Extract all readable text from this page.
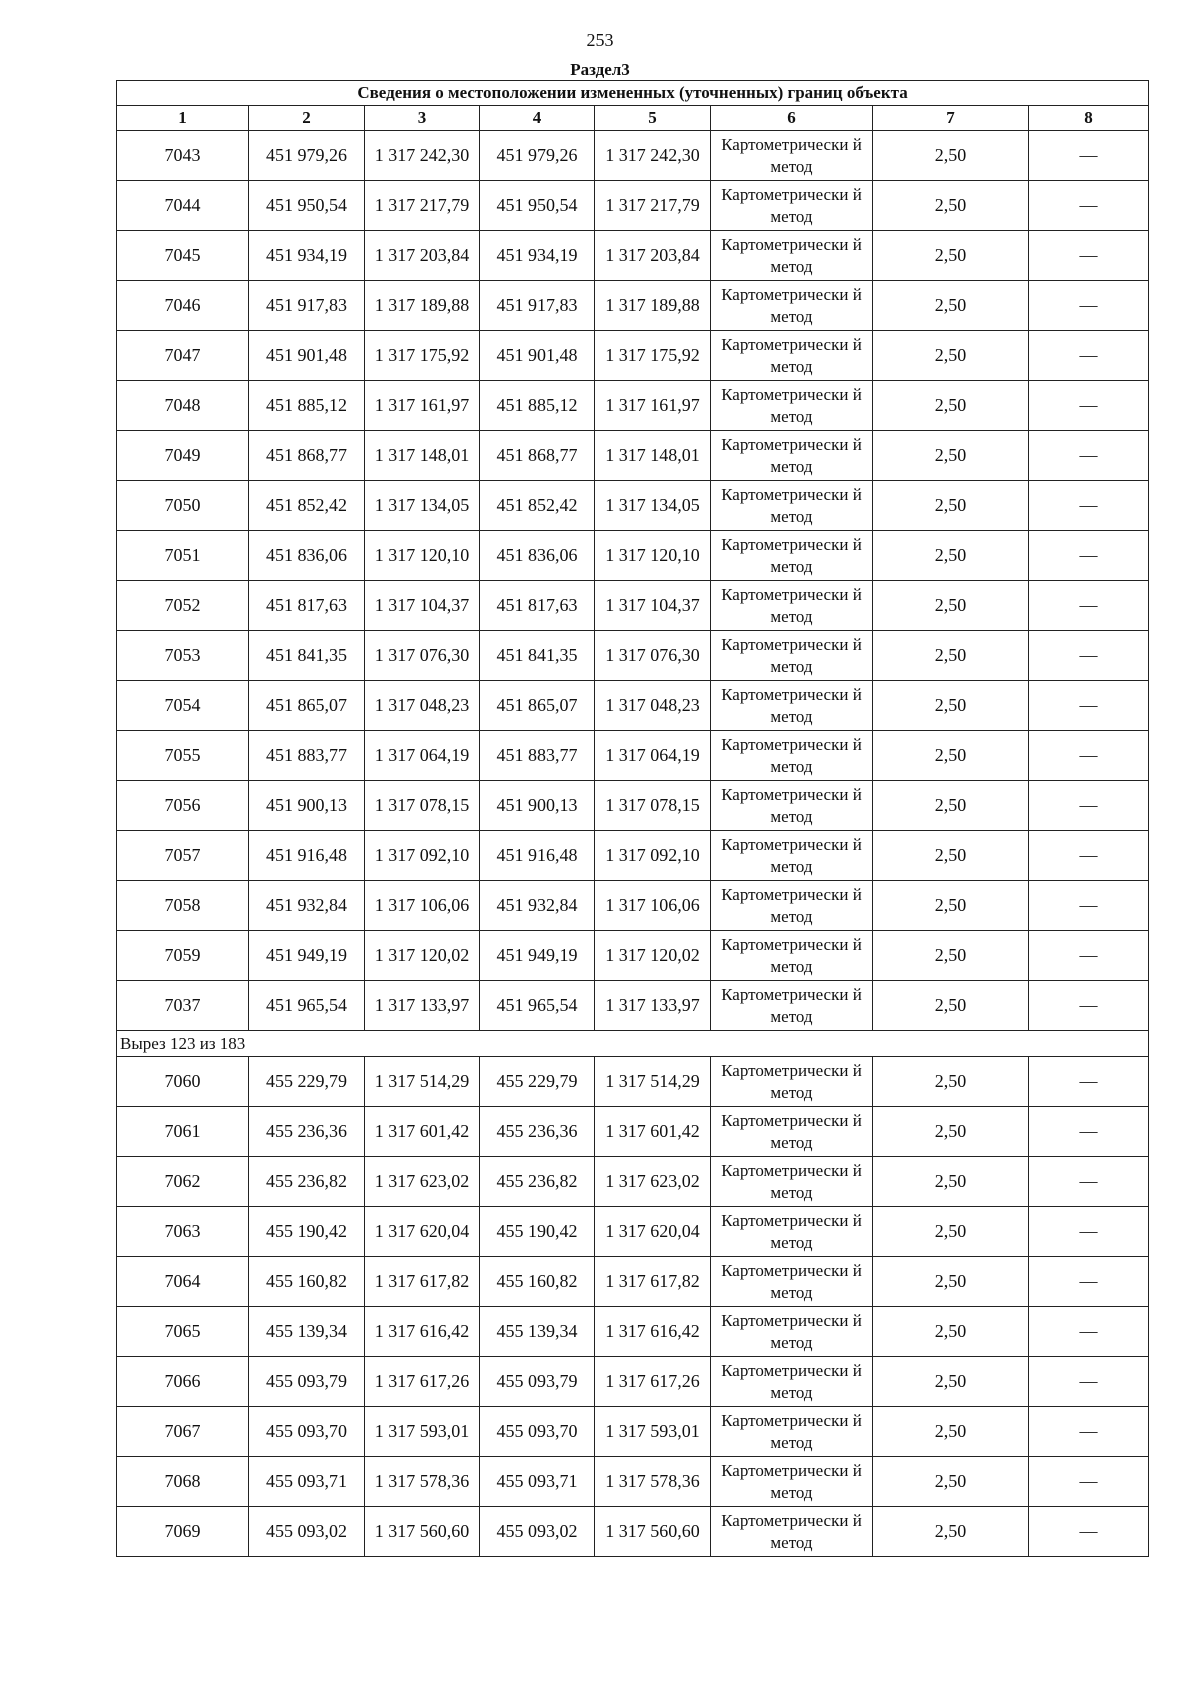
253
Раздел3
Сведения о местоположении измененных (уточненных) границ объекта							
1	2	3	4	5	6	7	8
7043	451 979,26	1 317 242,30	451 979,26	1 317 242,30	Картометрически й метод	2,50	—
7044	451 950,54	1 317 217,79	451 950,54	1 317 217,79	Картометрически й метод	2,50	—
7045	451 934,19	1 317 203,84	451 934,19	1 317 203,84	Картометрически й метод	2,50	—
7046	451 917,83	1 317 189,88	451 917,83	1 317 189,88	Картометрически й метод	2,50	—
7047	451 901,48	1 317 175,92	451 901,48	1 317 175,92	Картометрически й метод	2,50	—
7048	451 885,12	1 317 161,97	451 885,12	1 317 161,97	Картометрически й метод	2,50	—
7049	451 868,77	1 317 148,01	451 868,77	1 317 148,01	Картометрически й метод	2,50	—
7050	451 852,42	1 317 134,05	451 852,42	1 317 134,05	Картометрически й метод	2,50	—
7051	451 836,06	1 317 120,10	451 836,06	1 317 120,10	Картометрически й метод	2,50	—
7052	451 817,63	1 317 104,37	451 817,63	1 317 104,37	Картометрически й метод	2,50	—
7053	451 841,35	1 317 076,30	451 841,35	1 317 076,30	Картометрически й метод	2,50	—
7054	451 865,07	1 317 048,23	451 865,07	1 317 048,23	Картометрически й метод	2,50	—
7055	451 883,77	1 317 064,19	451 883,77	1 317 064,19	Картометрически й метод	2,50	—
7056	451 900,13	1 317 078,15	451 900,13	1 317 078,15	Картометрически й метод	2,50	—
7057	451 916,48	1 317 092,10	451 916,48	1 317 092,10	Картометрически й метод	2,50	—
7058	451 932,84	1 317 106,06	451 932,84	1 317 106,06	Картометрически й метод	2,50	—
7059	451 949,19	1 317 120,02	451 949,19	1 317 120,02	Картометрически й метод	2,50	—
7037	451 965,54	1 317 133,97	451 965,54	1 317 133,97	Картометрически й метод	2,50	—
Вырез 123 из 183							
7060	455 229,79	1 317 514,29	455 229,79	1 317 514,29	Картометрически й метод	2,50	—
7061	455 236,36	1 317 601,42	455 236,36	1 317 601,42	Картометрически й метод	2,50	—
7062	455 236,82	1 317 623,02	455 236,82	1 317 623,02	Картометрически й метод	2,50	—
7063	455 190,42	1 317 620,04	455 190,42	1 317 620,04	Картометрически й метод	2,50	—
7064	455 160,82	1 317 617,82	455 160,82	1 317 617,82	Картометрически й метод	2,50	—
7065	455 139,34	1 317 616,42	455 139,34	1 317 616,42	Картометрически й метод	2,50	—
7066	455 093,79	1 317 617,26	455 093,79	1 317 617,26	Картометрически й метод	2,50	—
7067	455 093,70	1 317 593,01	455 093,70	1 317 593,01	Картометрически й метод	2,50	—
7068	455 093,71	1 317 578,36	455 093,71	1 317 578,36	Картометрически й метод	2,50	—
7069	455 093,02	1 317 560,60	455 093,02	1 317 560,60	Картометрически й метод	2,50	—
